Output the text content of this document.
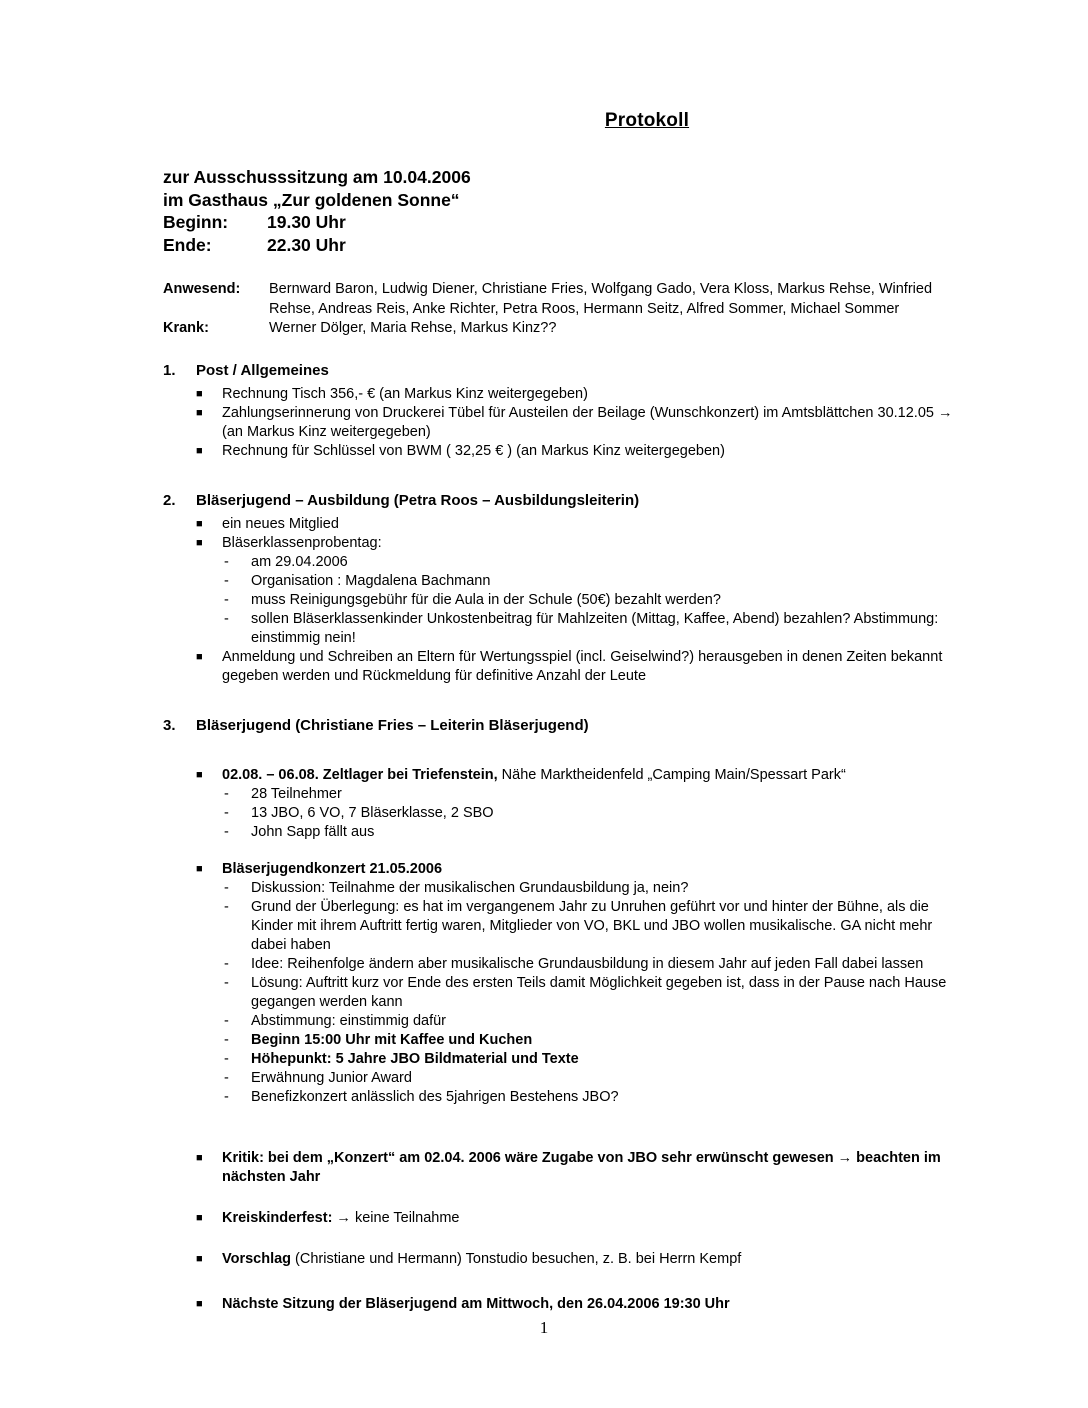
Protokoll
zur Ausschusssitzung am 10.04.2006
im Gasthaus „Zur goldenen Sonne“
Beginn: 19.30 Uhr
Ende:	22.30 Uhr
Anwesend:	Bernward Baron, Ludwig Diener, Christiane Fries, Wolfgang Gado, Vera Kloss, Markus Rehse, Winfried Rehse, Andreas Reis, Anke Richter, Petra Roos, Hermann Seitz, Alfred Sommer, Michael Sommer
Krank:	Werner Dölger, Maria Rehse, Markus Kinz??
1.	Post / Allgemeines
■ Rechnung Tisch 356,- € (an Markus Kinz weitergegeben)
■ Zahlungserinnerung von Druckerei Tübel für Austeilen der Beilage (Wunschkonzert) im Amtsblättchen 30.12.05 → (an Markus Kinz weitergegeben)
■ Rechnung für Schlüssel von BWM ( 32,25 € ) (an Markus Kinz weitergegeben)
2.	Bläserjugend – Ausbildung (Petra Roos – Ausbildungsleiterin)
■ ein neues Mitglied
■ Bläserklassenprobentag:
- am 29.04.2006
- Organisation : Magdalena Bachmann
- muss Reinigungsgebühr für die Aula in der Schule (50€) bezahlt werden?
- sollen Bläserklassenkinder Unkostenbeitrag für Mahlzeiten (Mittag, Kaffee, Abend) bezahlen? Abstimmung: einstimmig nein!
■ Anmeldung und Schreiben an Eltern für Wertungsspiel (incl. Geiselwind?) herausgeben in denen Zeiten bekannt gegeben werden und Rückmeldung für definitive Anzahl der Leute
3.	Bläserjugend (Christiane Fries – Leiterin Bläserjugend)
■ 02.08. – 06.08. Zeltlager bei Triefenstein, Nähe Marktheidenfeld „Camping Main/Spessart Park“
- 28 Teilnehmer
- 13 JBO, 6 VO, 7 Bläserklasse, 2 SBO
- John Sapp fällt aus
■ Bläserjugendkonzert 21.05.2006
- Diskussion: Teilnahme der musikalischen Grundausbildung ja, nein?
- Grund der Überlegung: es hat im vergangenem Jahr zu Unruhen geführt vor und hinter der Bühne, als die Kinder mit ihrem Auftritt fertig waren, Mitglieder von VO, BKL und JBO wollen musikalische. GA nicht mehr dabei haben
- Idee: Reihenfolge ändern aber musikalische Grundausbildung in diesem Jahr auf jeden Fall dabei lassen
- Lösung: Auftritt kurz vor Ende des ersten Teils damit Möglichkeit gegeben ist, dass in der Pause nach Hause gegangen werden kann
- Abstimmung: einstimmig dafür
- Beginn 15:00 Uhr mit Kaffee und Kuchen
- Höhepunkt: 5 Jahre JBO Bildmaterial und Texte
- Erwähnung Junior Award
- Benefizkonzert anlässlich des 5jahrigen Bestehens JBO?
■ Kritik: bei dem „Konzert“ am 02.04. 2006 wäre Zugabe von JBO sehr erwünscht gewesen → beachten im nächsten Jahr
■ Kreiskinderfest: → keine Teilnahme
■ Vorschlag (Christiane und Hermann) Tonstudio besuchen, z. B. bei Herrn Kempf
■ Nächste Sitzung der Bläserjugend am Mittwoch, den 26.04.2006 19:30 Uhr
1
